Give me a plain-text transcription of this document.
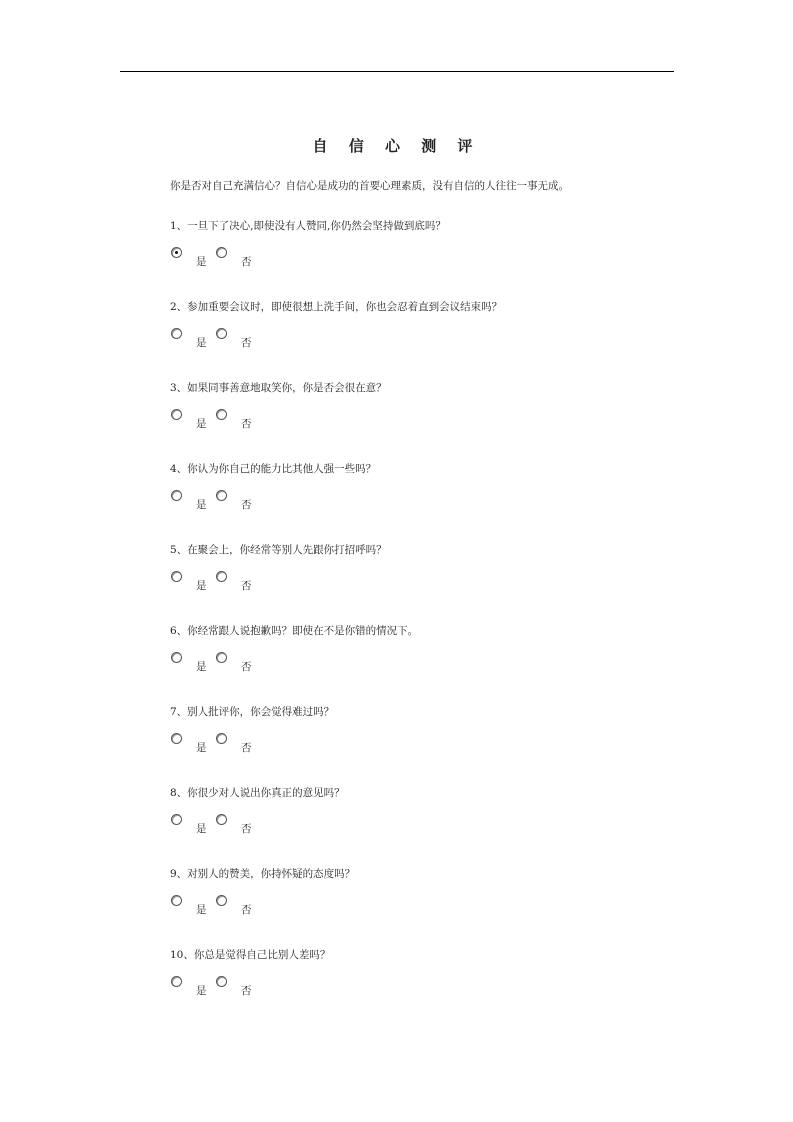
自 信 心 测 评
你是否对自己充满信心？自信心是成功的首要心理素质，没有自信的人往往一事无成。
1、一旦下了决心,即使没有人赞同,你仍然会坚持做到底吗？
是	否
2、参加重要会议时，即使很想上洗手间，你也会忍着直到会议结束吗？
是	否
3、如果同事善意地取笑你，你是否会很在意？
是	否
4、你认为你自己的能力比其他人强一些吗？
是	否
5、在聚会上，你经常等别人先跟你打招呼吗？
是	否
6、你经常跟人说抱歉吗？即使在不是你错的情况下。
是	否
7、别人批评你，你会觉得难过吗？
是	否
8、你很少对人说出你真正的意见吗？
是	否
9、对别人的赞美，你持怀疑的态度吗？
是	否
10、你总是觉得自己比别人差吗？
是	否
